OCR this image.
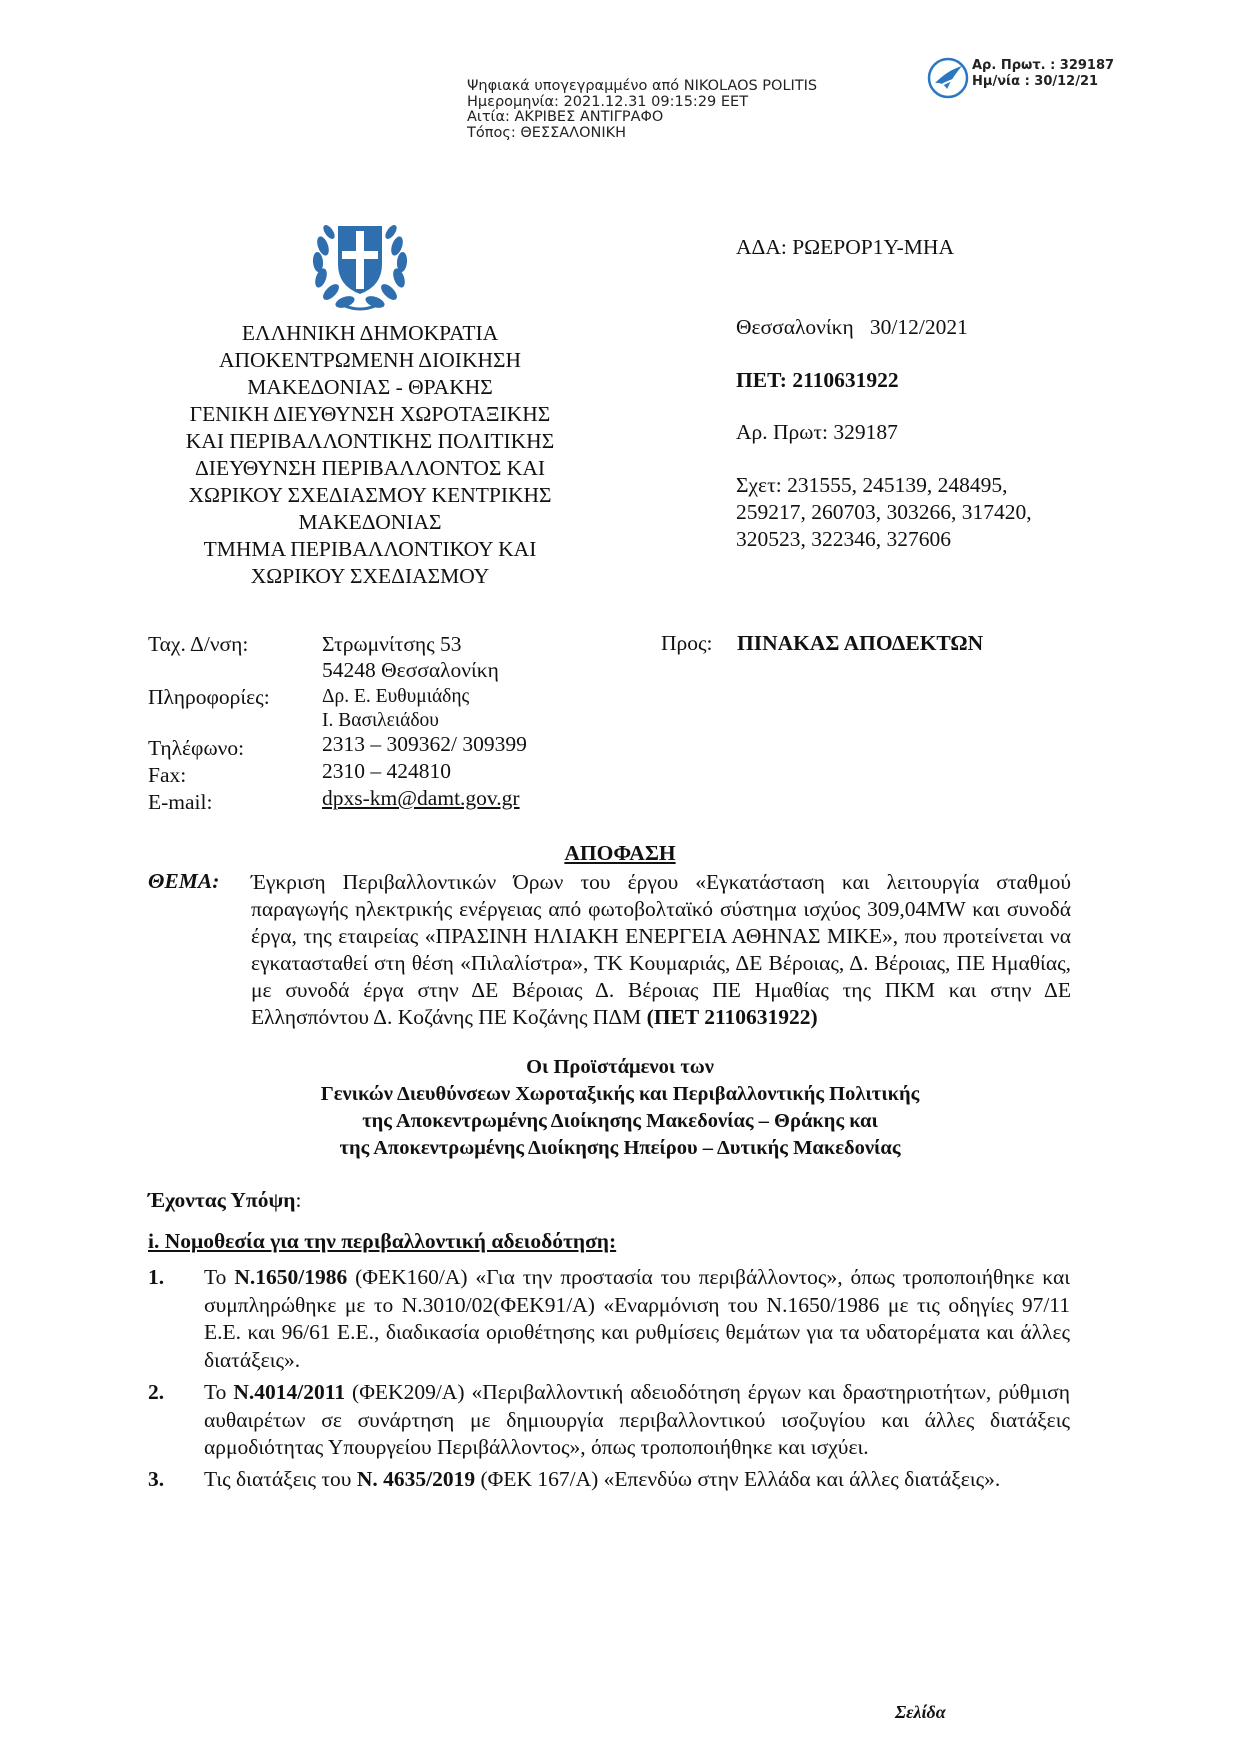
Ψηφιακά υπογεγραμμένο από NIKOLAOS POLITIS
Ημερομηνία: 2021.12.31 09:15:29 EET
Αιτία: ΑΚΡΙΒΕΣ ΑΝΤΙΓΡΑΦΟ
Τόπος: ΘΕΣΣΑΛΟΝΙΚΗ
Αρ. Πρωτ. : 329187
Ημ/νία : 30/12/21
ΕΛΛΗΝΙΚΗ ΔΗΜΟΚΡΑΤΙΑ
ΑΠΟΚΕΝΤΡΩΜΕΝΗ ΔΙΟΙΚΗΣΗ
ΜΑΚΕΔΟΝΙΑΣ - ΘΡΑΚΗΣ
ΓΕΝΙΚΗ ΔΙΕΥΘΥΝΣΗ ΧΩΡΟΤΑΞΙΚΗΣ
ΚΑΙ ΠΕΡΙΒΑΛΛΟΝΤΙΚΗΣ ΠΟΛΙΤΙΚΗΣ
ΔΙΕΥΘΥΝΣΗ ΠΕΡΙΒΑΛΛΟΝΤΟΣ ΚΑΙ
ΧΩΡΙΚΟΥ ΣΧΕΔΙΑΣΜΟΥ ΚΕΝΤΡΙΚΗΣ
ΜΑΚΕΔΟΝΙΑΣ
ΤΜΗΜΑ ΠΕΡΙΒΑΛΛΟΝΤΙΚΟΥ ΚΑΙ
ΧΩΡΙΚΟΥ ΣΧΕΔΙΑΣΜΟΥ
ΑΔΑ: ΡΩΕΡΟΡ1Υ-ΜΗΑ
Θεσσαλονίκη   30/12/2021
ΠΕΤ: 2110631922
Αρ. Πρωτ: 329187
Σχετ: 231555, 245139, 248495,
259217, 260703, 303266, 317420,
320523, 322346, 327606
Ταχ. Δ/νση:	Στρωμνίτσης 53
54248 Θεσσαλονίκη
Πληροφορίες:	Δρ. Ε. Ευθυμιάδης
Ι. Βασιλειάδου
Τηλέφωνο:	2313 – 309362/ 309399
Fax:	2310 – 424810
E-mail:	dpxs-km@damt.gov.gr
Προς: ΠΙΝΑΚΑΣ ΑΠΟΔΕΚΤΩΝ
ΑΠΟΦΑΣΗ
ΘΕΜΑ: Έγκριση Περιβαλλοντικών Όρων του έργου «Εγκατάσταση και λειτουργία σταθμού παραγωγής ηλεκτρικής ενέργειας από φωτοβολταϊκό σύστημα ισχύος 309,04MW και συνοδά έργα, της εταιρείας «ΠΡΑΣΙΝΗ ΗΛΙΑΚΗ ΕΝΕΡΓΕΙΑ ΑΘΗΝΑΣ ΜΙΚΕ», που προτείνεται να εγκατασταθεί στη θέση «Πιλαλίστρα», ΤΚ Κουμαριάς, ΔΕ Βέροιας, Δ. Βέροιας, ΠΕ Ημαθίας, με συνοδά έργα στην ΔΕ Βέροιας Δ. Βέροιας ΠΕ Ημαθίας της ΠΚΜ και στην ΔΕ Ελλησπόντου Δ. Κοζάνης ΠΕ Κοζάνης ΠΔΜ (ΠΕΤ 2110631922)
Οι Προϊστάμενοι των
Γενικών Διευθύνσεων Χωροταξικής και Περιβαλλοντικής Πολιτικής
της Αποκεντρωμένης Διοίκησης Μακεδονίας – Θράκης και
της Αποκεντρωμένης Διοίκησης Ηπείρου – Δυτικής Μακεδονίας
Έχοντας Υπόψη:
i. Νομοθεσία για την περιβαλλοντική αδειοδότηση:
1. Το Ν.1650/1986 (ΦΕΚ160/Α) «Για την προστασία του περιβάλλοντος», όπως τροποποιήθηκε και συμπληρώθηκε με το Ν.3010/02(ΦΕΚ91/Α) «Εναρμόνιση του Ν.1650/1986 με τις οδηγίες 97/11 Ε.Ε. και 96/61 Ε.Ε., διαδικασία οριοθέτησης και ρυθμίσεις θεμάτων για τα υδατορέματα και άλλες διατάξεις».
2. Το Ν.4014/2011 (ΦΕΚ209/Α) «Περιβαλλοντική αδειοδότηση έργων και δραστηριοτήτων, ρύθμιση αυθαιρέτων σε συνάρτηση με δημιουργία περιβαλλοντικού ισοζυγίου και άλλες διατάξεις αρμοδιότητας Υπουργείου Περιβάλλοντος», όπως τροποποιήθηκε και ισχύει.
3. Τις διατάξεις του Ν. 4635/2019 (ΦΕΚ 167/Α) «Επενδύω στην Ελλάδα και άλλες διατάξεις».
Σελίδα
